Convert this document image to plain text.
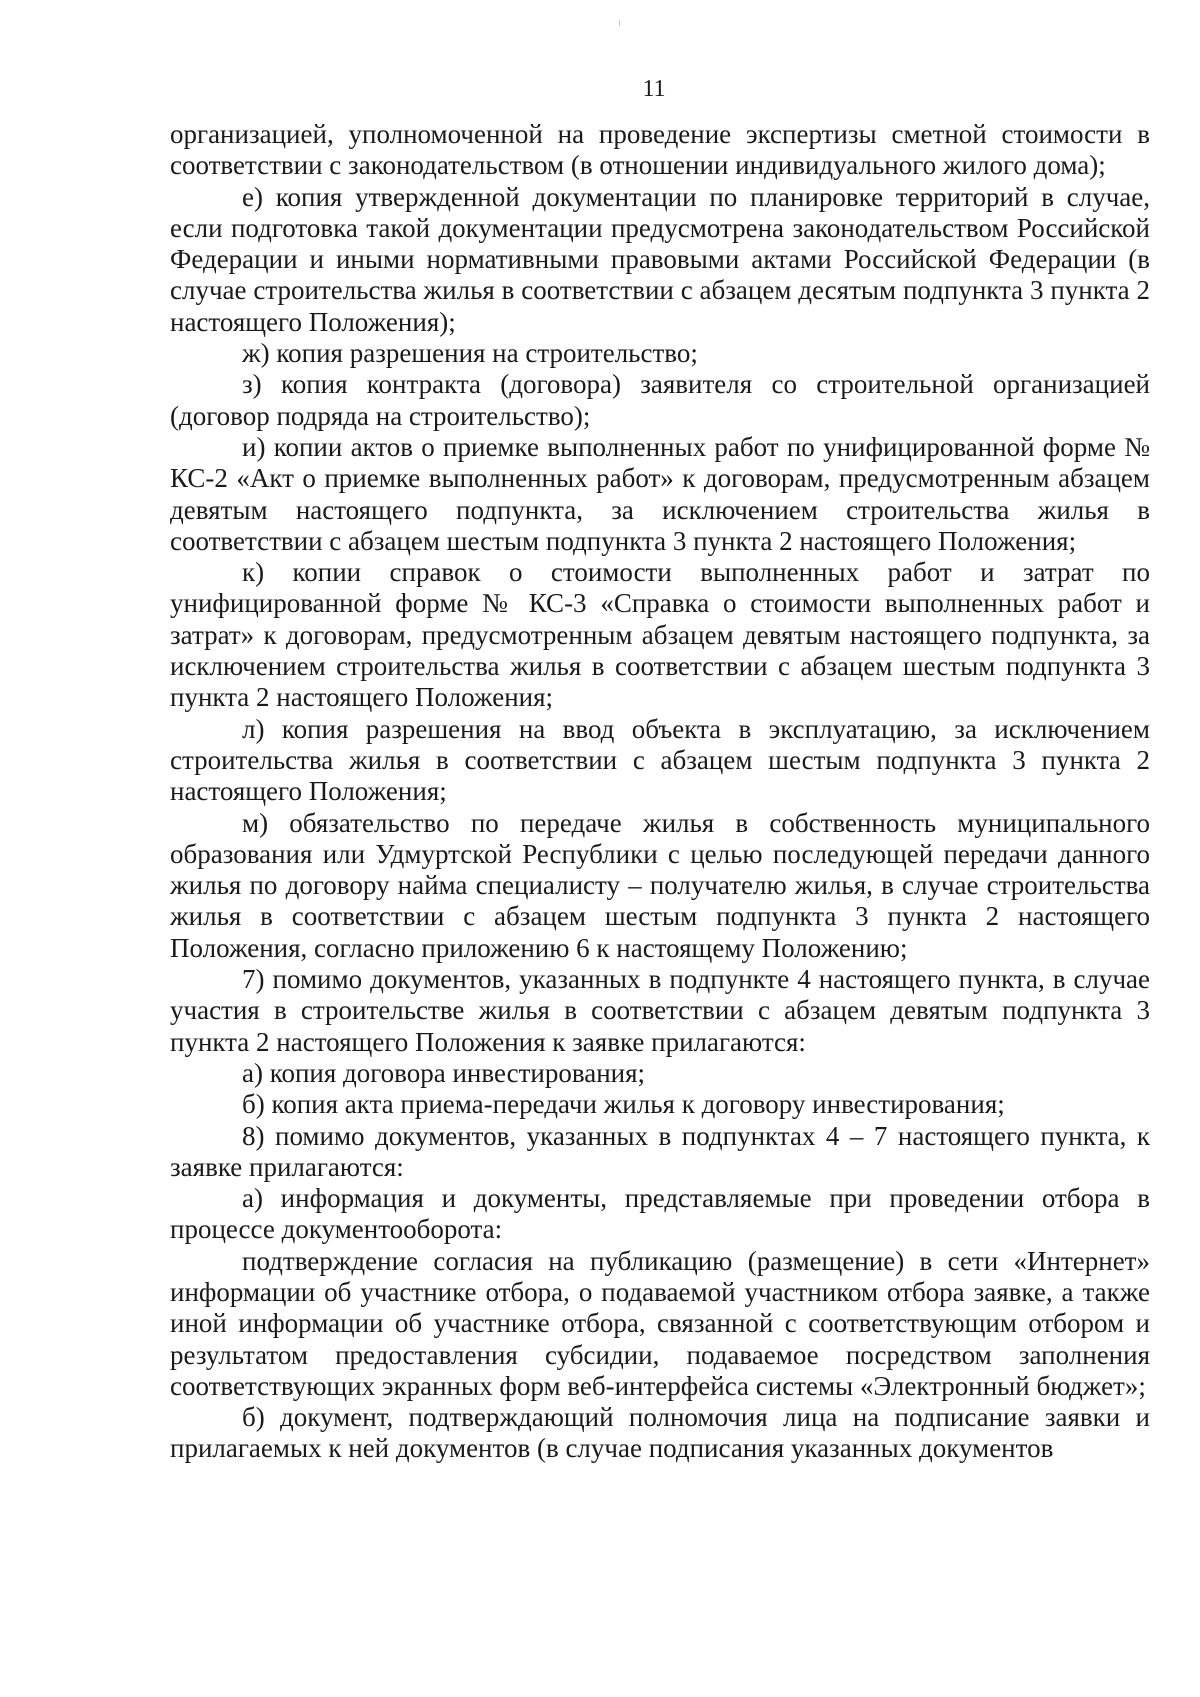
11

организацией, уполномоченной на проведение экспертизы сметной стоимости в соответствии с законодательством (в отношении индивидуального жилого дома);

е) копия утвержденной документации по планировке территорий в случае, если подготовка такой документации предусмотрена законодательством Российской Федерации и иными нормативными правовыми актами Российской Федерации (в случае строительства жилья в соответствии с абзацем десятым подпункта 3 пункта 2 настоящего Положения);

ж) копия разрешения на строительство;

з) копия контракта (договора) заявителя со строительной организацией (договор подряда на строительство);

и) копии актов о приемке выполненных работ по унифицированной форме № КС-2 «Акт о приемке выполненных работ» к договорам, предусмотренным абзацем девятым настоящего подпункта, за исключением строительства жилья в соответствии с абзацем шестым подпункта 3 пункта 2 настоящего Положения;

к) копии справок о стоимости выполненных работ и затрат по унифицированной форме № КС-3 «Справка о стоимости выполненных работ и затрат» к договорам, предусмотренным абзацем девятым настоящего подпункта, за исключением строительства жилья в соответствии с абзацем шестым подпункта 3 пункта 2 настоящего Положения;

л) копия разрешения на ввод объекта в эксплуатацию, за исключением строительства жилья в соответствии с абзацем шестым подпункта 3 пункта 2 настоящего Положения;

м) обязательство по передаче жилья в собственность муниципального образования или Удмуртской Республики с целью последующей передачи данного жилья по договору найма специалисту – получателю жилья, в случае строительства жилья в соответствии с абзацем шестым подпункта 3 пункта 2 настоящего Положения, согласно приложению 6 к настоящему Положению;

7) помимо документов, указанных в подпункте 4 настоящего пункта, в случае участия в строительстве жилья в соответствии с абзацем девятым подпункта 3 пункта 2 настоящего Положения к заявке прилагаются:

а) копия договора инвестирования;

б) копия акта приема-передачи жилья к договору инвестирования;

8) помимо документов, указанных в подпунктах 4 – 7 настоящего пункта, к заявке прилагаются:

а) информация и документы, представляемые при проведении отбора в процессе документооборота:

подтверждение согласия на публикацию (размещение) в сети «Интернет» информации об участнике отбора, о подаваемой участником отбора заявке, а также иной информации об участнике отбора, связанной с соответствующим отбором и результатом предоставления субсидии, подаваемое посредством заполнения соответствующих экранных форм веб-интерфейса системы «Электронный бюджет»;

б) документ, подтверждающий полномочия лица на подписание заявки и прилагаемых к ней документов (в случае подписания указанных документов
